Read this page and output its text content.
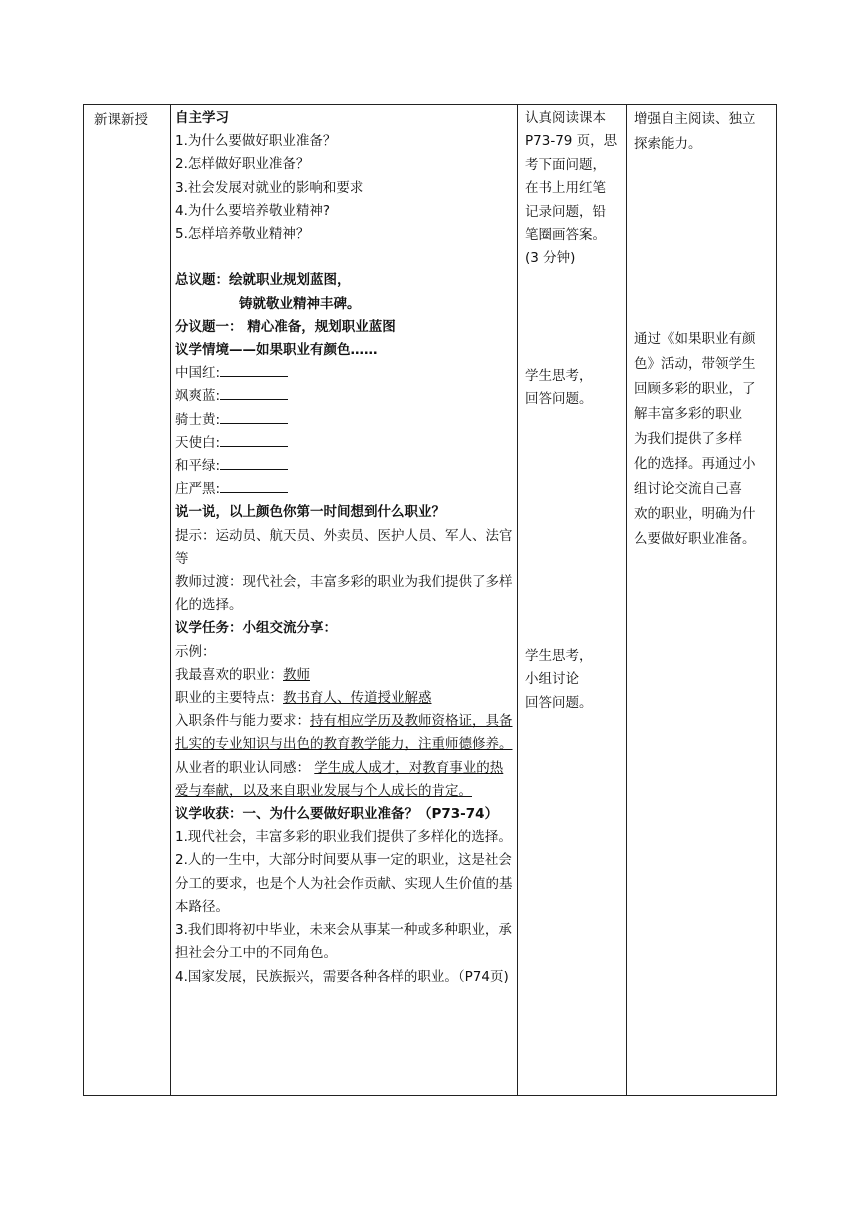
新课新授	自主学习
1.为什么要做好职业准备？
2.怎样做好职业准备？
3.社会发展对就业的影响和要求
4.为什么要培养敬业精神?
5.怎样培养敬业精神？
总议题：绘就职业规划蓝图，
铸就敬业精神丰碑。
分议题一： 精心准备，规划职业蓝图
议学情境——如果职业有颜色……
中国红:
飒爽蓝:
骑士黄:
天使白:
和平绿:
庄严黑:
说一说，以上颜色你第一时间想到什么职业？
提示：运动员、航天员、外卖员、医护人员、军人、法官等
教师过渡：现代社会，丰富多彩的职业为我们提供了多样化的选择。
议学任务：小组交流分享：
示例：
我最喜欢的职业：教师
职业的主要特点：教书育人、传道授业解惑
入职条件与能力要求：持有相应学历及教师资格证，具备扎实的专业知识与出色的教育教学能力，注重师德修养。
从业者的职业认同感： 学生成人成才，对教育事业的热爱与奉献，以及来自职业发展与个人成长的肯定。
议学收获：一、为什么要做好职业准备？（P73-74）
1.现代社会，丰富多彩的职业我们提供了多样化的选择。
2.人的一生中，大部分时间要从事一定的职业，这是社会分工的要求，也是个人为社会作贡献、实现人生价值的基本路径。
3.我们即将初中毕业，未来会从事某一种或多种职业，承担社会分工中的不同角色。
4.国家发展，民族振兴，需要各种各样的职业。（P74页)
认真阅读课本
P73-79 页，思
考下面问题，
在书上用红笔
记录问题，铅
笔圈画答案。
(3 分钟)
学生思考，
回答问题。
学生思考，
小组讨论
回答问题。
增强自主阅读、独立
探索能力。
通过《如果职业有颜
色》活动，带领学生
回顾多彩的职业，了
解丰富多彩的职业
为我们提供了多样
化的选择。再通过小
组讨论交流自己喜
欢的职业，明确为什
么要做好职业准备。
